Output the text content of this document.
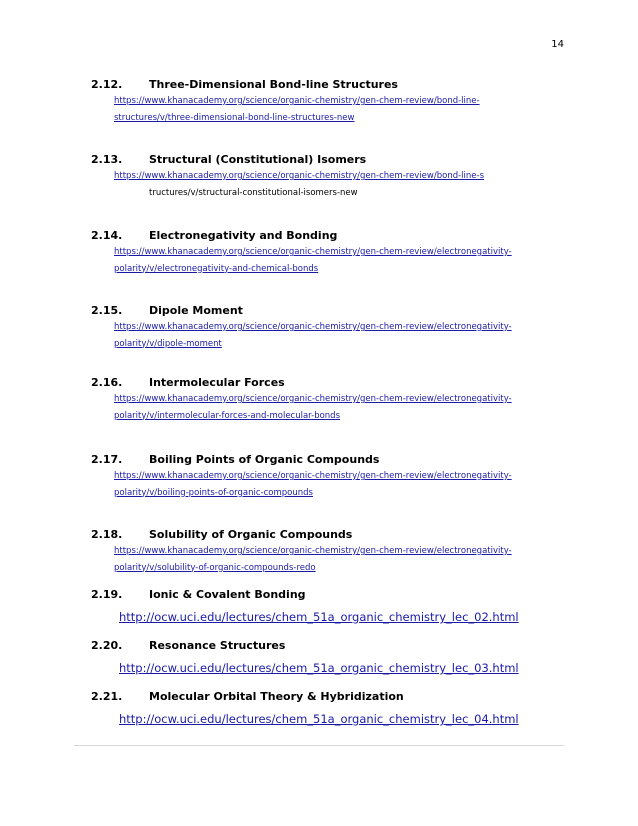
14
2.12. Three-Dimensional Bond-line Structures
https://www.khanacademy.org/science/organic-chemistry/gen-chem-review/bond-line-
structures/v/three-dimensional-bond-line-structures-new
2.13. Structural (Constitutional) Isomers
https://www.khanacademy.org/science/organic-chemistry/gen-chem-review/bond-line-s
tructures/v/structural-constitutional-isomers-new
2.14. Electronegativity and Bonding
https://www.khanacademy.org/science/organic-chemistry/gen-chem-review/electronegativity-
polarity/v/electronegativity-and-chemical-bonds
2.15. Dipole Moment
https://www.khanacademy.org/science/organic-chemistry/gen-chem-review/electronegativity-
polarity/v/dipole-moment
2.16. Intermolecular Forces
https://www.khanacademy.org/science/organic-chemistry/gen-chem-review/electronegativity-
polarity/v/intermolecular-forces-and-molecular-bonds
2.17. Boiling Points of Organic Compounds
https://www.khanacademy.org/science/organic-chemistry/gen-chem-review/electronegativity-
polarity/v/boiling-points-of-organic-compounds
2.18. Solubility of Organic Compounds
https://www.khanacademy.org/science/organic-chemistry/gen-chem-review/electronegativity-
polarity/v/solubility-of-organic-compounds-redo
2.19. Ionic & Covalent Bonding
http://ocw.uci.edu/lectures/chem_51a_organic_chemistry_lec_02.html
2.20. Resonance Structures
http://ocw.uci.edu/lectures/chem_51a_organic_chemistry_lec_03.html
2.21. Molecular Orbital Theory & Hybridization
http://ocw.uci.edu/lectures/chem_51a_organic_chemistry_lec_04.html
